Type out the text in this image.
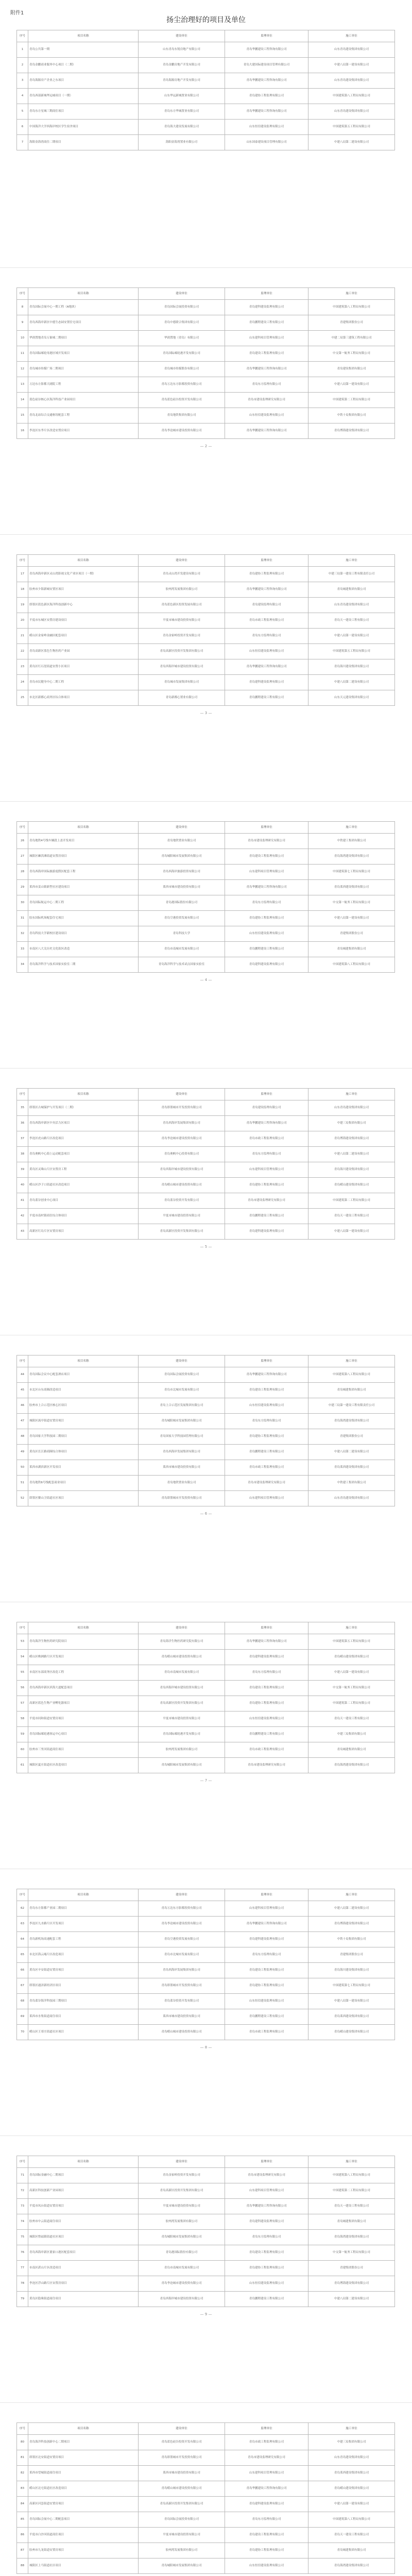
附件1
扬尘治理好的项目及单位
序号	项目名称	建设单位	监理单位	施工单位
1	青岛公共第一期	山东青岛东锐房地产有限公司	青岛华鹏建设工程咨询有限公司	山东青岛建设集团有限公司
2	青岛金鹏商业服务中心项目（二期）	青岛金鹏房地产开发有限公司	青岛大建国际建设项目管理有限公司	中建八局第一建设有限公司
3	青岛海源房产企业之东项目	青岛海源房地产开发有限公司	青岛华鹏建设工程咨询有限公司	山东青岛建设集团有限公司
4	青岛西部新城华远城项目（一期）	山东华远新城置业有限公司	青岛建协工程监理有限公司	中国建筑第八工程局有限公司
5	青岛东方星城三期商住项目	青岛东方华城置业有限公司	青岛华鹏建设工程咨询有限公司	山东青岛建设集团有限公司
6	中国海洋大学西海岸校区学生宿舍项目	青岛海大建设发展有限公司	山东恒信建设监理有限公司	中国建筑第五工程局有限公司
7	海阳金海湾商住二期项目	海阳金海湾置业有限公司	山东国泰建设项目管理有限公司	中建八局第二建设有限公司
序号	项目名称	建设单位	监理单位	施工单位
8	青岛国际会展中心一期工程（A地块）	青岛国际会展投资有限公司	青岛建科建设监理有限公司	中国建筑第八工程局有限公司
9	青岛西海岸新区中德生态园安置住宅项目	青岛中德联合集团有限公司	青岛鹏程建设工程有限公司	青建集团股份公司
10	华润置地青岛万象城二期项目	华润置地（青岛）有限公司	山东建科项目管理有限公司	中建二局第三建筑工程有限公司
11	青岛国际邮轮母港区域开发项目	青岛国际邮轮港开发有限公司	青岛建设工程监理有限公司	中交第一航务工程局有限公司
12	青岛城市传媒广场二期项目	青岛城市传媒股份有限公司	青岛华鹏建设工程咨询有限公司	青岛建设集团有限公司
13	万达东方影都大剧院工程	青岛万达东方影都投资有限公司	青岛东方监理有限公司	中建八局第一建设有限公司
14	蓝色硅谷核心区海洋科技产业园项目	青岛蓝色硅谷投资开发有限公司	青岛市建设监理研究有限公司	中国建筑第二工程局有限公司
15	青岛北站综合交通枢纽配套工程	青岛地铁集团有限公司	山东恒信建设监理有限公司	中铁十局集团有限公司
16	李沧区东李片区改造安置房项目	青岛李沧城市建设投资有限公司	青岛华鹏建设工程咨询有限公司	青岛博海建设集团有限公司
— 2 —
序号	项目名称	建设单位	监理单位	施工单位
17	青岛西海岸新区灵山湾影视文化产业区项目（一期）	青岛灵山湾开发建设有限公司	青岛建协工程监理有限公司	中建三局第一建设工程有限责任公司
18	胶州市少海新城安置区项目	胶州湾发展集团有限公司	青岛华鹏建设工程咨询有限公司	青岛城建集团有限公司
19	即墨区蓝色新区海洋科技创新中心	青岛蓝色新区投资发展有限公司	青岛建设监理有限公司	山东青岛建设集团有限公司
20	平度市东城区安置房建设项目	平度市城市建设投资有限公司	青岛市政工程监理有限公司	青岛天一建设工程有限公司
21	崂山区金家岭金融区配套项目	青岛金家岭投资开发有限公司	青岛东方监理有限公司	中建八局第一建设有限公司
22	青岛高新区蓝色生物医药产业园	青岛高新区投资开发集团有限公司	山东恒信建设监理有限公司	中国建筑第五工程局有限公司
23	黄岛区红石崖街道安置小区项目	青岛西海岸城市建设投资有限公司	青岛华鹏建设工程咨询有限公司	青岛海川建设集团有限公司
24	青岛市民健身中心二期工程	青岛城市发展集团有限公司	青岛建科建设监理有限公司	中建八局第二建设有限公司
25	市北区新都心商务区综合体项目	青岛新都心置业有限公司	青岛鹏程建设工程有限公司	山东天元建设集团有限公司
— 3 —
序号	项目名称	建设单位	监理单位	施工单位
26	青岛地铁4号线车辆段上盖开发项目	青岛地铁置业有限公司	青岛市建设监理研究有限公司	中铁建工集团有限公司
27	城阳区棘洪滩街道安置房项目	青岛城阳城市发展集团有限公司	青岛建设工程监理有限公司	青岛海湾建设集团有限公司
28	青岛西海岸国际旅游度假区配套工程	青岛西海岸旅游投资有限公司	山东建科项目管理有限公司	中国建筑第七工程局有限公司
29	莱西市姜山镇新型社区建设项目	莱西市城市建设投资有限公司	青岛华鹏建设工程咨询有限公司	青岛莱西建设集团有限公司
30	青岛国际航运中心二期工程	青岛港国际股份有限公司	青岛东方监理有限公司	中交第一航务工程局有限公司
31	胶东国际机场配套住宅项目	青岛空港投资发展有限公司	青岛建协工程监理有限公司	中建八局第一建设有限公司
32	青岛科技大学新校区建设项目	青岛科技大学	山东恒信建设监理有限公司	青建集团股份公司
33	市南区八大关历史文化街区改造	青岛市南城市发展有限公司	青岛鹏程建设工程有限公司	青岛城建集团有限公司
34	青岛海洋科学与技术国家实验室二期	青岛海洋科学与技术试点国家实验室	青岛建科建设监理有限公司	中国建筑第八工程局有限公司
— 4 —
序号	项目名称	建设单位	监理单位	施工单位
35	即墨区古城保护与开发项目（二期）	青岛即墨城市开发投资有限公司	青岛建设监理有限公司	山东青岛建设集团有限公司
36	青岛西海岸新区中央活力区项目	青岛西海岸发展集团有限公司	青岛华鹏建设工程咨询有限公司	中建三局集团有限公司
37	李沧区虎山路片区改造项目	青岛李沧城市建设投资有限公司	青岛市政工程监理有限公司	青岛博海建设集团有限公司
38	青岛奥帆中心海上运动配套项目	青岛奥帆中心投资有限公司	青岛东方监理有限公司	中建八局第二建设有限公司
39	黄岛区灵珠山片区安置房工程	青岛西海岸城市建设投资有限公司	山东建科项目管理有限公司	青岛海川建设集团有限公司
40	崂山区沙子口街道社区改造项目	青岛崂山城市建设投资有限公司	青岛建协工程监理有限公司	青岛崂山建设集团有限公司
41	青岛蓝谷创业中心项目	青岛蓝谷投资开发有限公司	青岛市建设监理研究有限公司	中国建筑第二工程局有限公司
42	平度市南村镇商住综合体项目	平度市城市建设投资有限公司	青岛鹏程建设工程有限公司	青岛天一建设工程有限公司
43	高新区红岛片区安置房项目	青岛高新区投资开发集团有限公司	青岛建科建设监理有限公司	中建八局第一建设有限公司
— 5 —
序号	项目名称	建设单位	监理单位	施工单位
44	青岛国际会议中心配套酒店项目	青岛国际会展投资有限公司	青岛华鹏建设工程咨询有限公司	中国建筑第八工程局有限公司
45	市北区台东商圈改造项目	青岛市北城市发展有限公司	青岛建设工程监理有限公司	青岛城建集团有限公司
46	胶州市上合示范区核心区项目	青岛上合示范区发展集团有限公司	山东恒信建设监理有限公司	中建三局第一建设工程有限责任公司
47	城阳区流亭街道安置房项目	青岛城阳城市发展集团有限公司	青岛东方监理有限公司	青岛海湾建设集团有限公司
48	青岛国家大学科技园二期项目	青岛国家大学科技园管理有限公司	青岛建协工程监理有限公司	青建集团股份公司
49	黄岛区长江路商圈综合体项目	青岛西海岸发展集团有限公司	青岛鹏程建设工程有限公司	中建八局第二建设有限公司
50	莱西市湖滨新区开发项目	莱西市城市建设投资有限公司	青岛市政工程监理有限公司	青岛莱西建设集团有限公司
51	青岛地铁6号线配套商业项目	青岛地铁置业有限公司	青岛市建设监理研究有限公司	中铁建工集团有限公司
52	即墨区鳌山卫街道社区项目	青岛即墨城市开发投资有限公司	山东建科项目管理有限公司	山东青岛建设集团有限公司
— 6 —
序号	项目名称	建设单位	监理单位	施工单位
53	青岛海洋生物医药研究院项目	青岛海洋生物医药研究院有限公司	青岛华鹏建设工程咨询有限公司	中国建筑第五工程局有限公司
54	崂山区株洲路片区开发项目	青岛崂山城市建设投资有限公司	青岛建科建设监理有限公司	青岛崂山建设集团有限公司
55	市南区东部商务区改造工程	青岛市南城市发展有限公司	青岛东方监理有限公司	中建八局第一建设有限公司
56	青岛西海岸新区滨海大道配套项目	青岛西海岸城市建设投资有限公司	青岛建设工程监理有限公司	中交第一航务工程局有限公司
57	高新区蓝色生物产业孵化器项目	青岛高新区投资开发集团有限公司	青岛建协工程监理有限公司	中国建筑第二工程局有限公司
58	平度市同和街道安置房项目	平度市城市建设投资有限公司	山东恒信建设监理有限公司	青岛天一建设工程有限公司
59	青岛国际邮轮港客运中心项目	青岛国际邮轮港开发有限公司	青岛鹏程建设工程有限公司	中建三局集团有限公司
60	胶州市三里河街道商住项目	胶州湾发展集团有限公司	青岛市政工程监理有限公司	青岛城建集团有限公司
61	城阳区夏庄街道社区改造项目	青岛城阳城市发展集团有限公司	青岛市建设监理研究有限公司	青岛海湾建设集团有限公司
— 7 —
序号	项目名称	建设单位	监理单位	施工单位
62	青岛东方影都产业园二期项目	青岛万达东方影都投资有限公司	山东建科项目管理有限公司	中建八局第二建设有限公司
63	李沧区九水路片区开发项目	青岛李沧城市建设投资有限公司	青岛华鹏建设工程咨询有限公司	青岛博海建设集团有限公司
64	青岛新机场高速配套工程	青岛空港投资发展有限公司	青岛建科建设监理有限公司	中铁十局集团有限公司
65	市北区海云庵片区改造项目	青岛市北城市发展有限公司	青岛东方监理有限公司	青建集团股份公司
66	黄岛区辛安街道安置房项目	青岛西海岸发展集团有限公司	青岛建设工程监理有限公司	青岛海川建设集团有限公司
67	即墨区通济新经济区项目	青岛即墨城市开发投资有限公司	青岛建协工程监理有限公司	中国建筑第七工程局有限公司
68	青岛蓝谷海洋科技园三期项目	青岛蓝谷投资开发有限公司	山东恒信建设监理有限公司	中建八局第一建设有限公司
69	莱西市水集街道商住项目	莱西市城市建设投资有限公司	青岛鹏程建设工程有限公司	青岛莱西建设集团有限公司
70	崂山区王哥庄街道社区项目	青岛崂山城市建设投资有限公司	青岛市政工程监理有限公司	青岛崂山建设集团有限公司
— 8 —
序号	项目名称	建设单位	监理单位	施工单位
71	青岛国际金融中心二期项目	青岛金家岭投资开发有限公司	青岛市建设监理研究有限公司	中国建筑第八工程局有限公司
72	高新区科技创新产业园项目	青岛高新区投资开发集团有限公司	山东建科项目管理有限公司	中国建筑第二工程局有限公司
73	平度市凤台街道安置房项目	平度市城市建设投资有限公司	青岛华鹏建设工程咨询有限公司	青岛天一建设工程有限公司
74	胶州市中云街道商住项目	胶州湾发展集团有限公司	青岛建科建设监理有限公司	青岛城建集团有限公司
75	城阳区惜福镇街道社区项目	青岛城阳城市发展集团有限公司	青岛东方监理有限公司	青岛海湾建设集团有限公司
76	青岛西海岸新区董家口港区配套项目	青岛港国际股份有限公司	青岛建设工程监理有限公司	中交第一航务工程局有限公司
77	市南区湛山片区改造项目	青岛市南城市发展有限公司	青岛建协工程监理有限公司	青建集团股份公司
78	李沧区浮山路片区安置房项目	青岛李沧城市建设投资有限公司	山东恒信建设监理有限公司	青岛博海建设集团有限公司
79	黄岛区隐珠街道商住项目	青岛西海岸城市建设投资有限公司	青岛鹏程建设工程有限公司	中建八局第二建设有限公司
— 9 —
序号	项目名称	建设单位	监理单位	施工单位
80	青岛海洋科技创新中心二期项目	青岛蓝色硅谷投资开发有限公司	青岛市政工程监理有限公司	中建三局集团有限公司
81	即墨区北安街道安置房项目	青岛即墨城市开发投资有限公司	青岛市建设监理研究有限公司	山东青岛建设集团有限公司
82	莱西市望城街道商住项目	莱西市城市建设投资有限公司	山东建科项目管理有限公司	青岛莱西建设集团有限公司
83	崂山区北宅街道社区改造项目	青岛崂山城市建设投资有限公司	青岛华鹏建设工程咨询有限公司	青岛崂山建设集团有限公司
84	高新区河套街道安置房项目	青岛高新区投资开发集团有限公司	青岛建科建设监理有限公司	中建八局第一建设有限公司
85	青岛国际会展中心二期配套项目	青岛国际会展投资有限公司	青岛东方监理有限公司	中国建筑第八工程局有限公司
86	平度市白沙河街道商住项目	平度市城市建设投资有限公司	青岛建设工程监理有限公司	青岛天一建设工程有限公司
87	胶州市九龙街道安置房项目	胶州湾发展集团有限公司	青岛建协工程监理有限公司	青岛城建集团有限公司
88	城阳区上马街道社区项目	青岛城阳城市发展集团有限公司	山东恒信建设监理有限公司	青岛海湾建设集团有限公司
